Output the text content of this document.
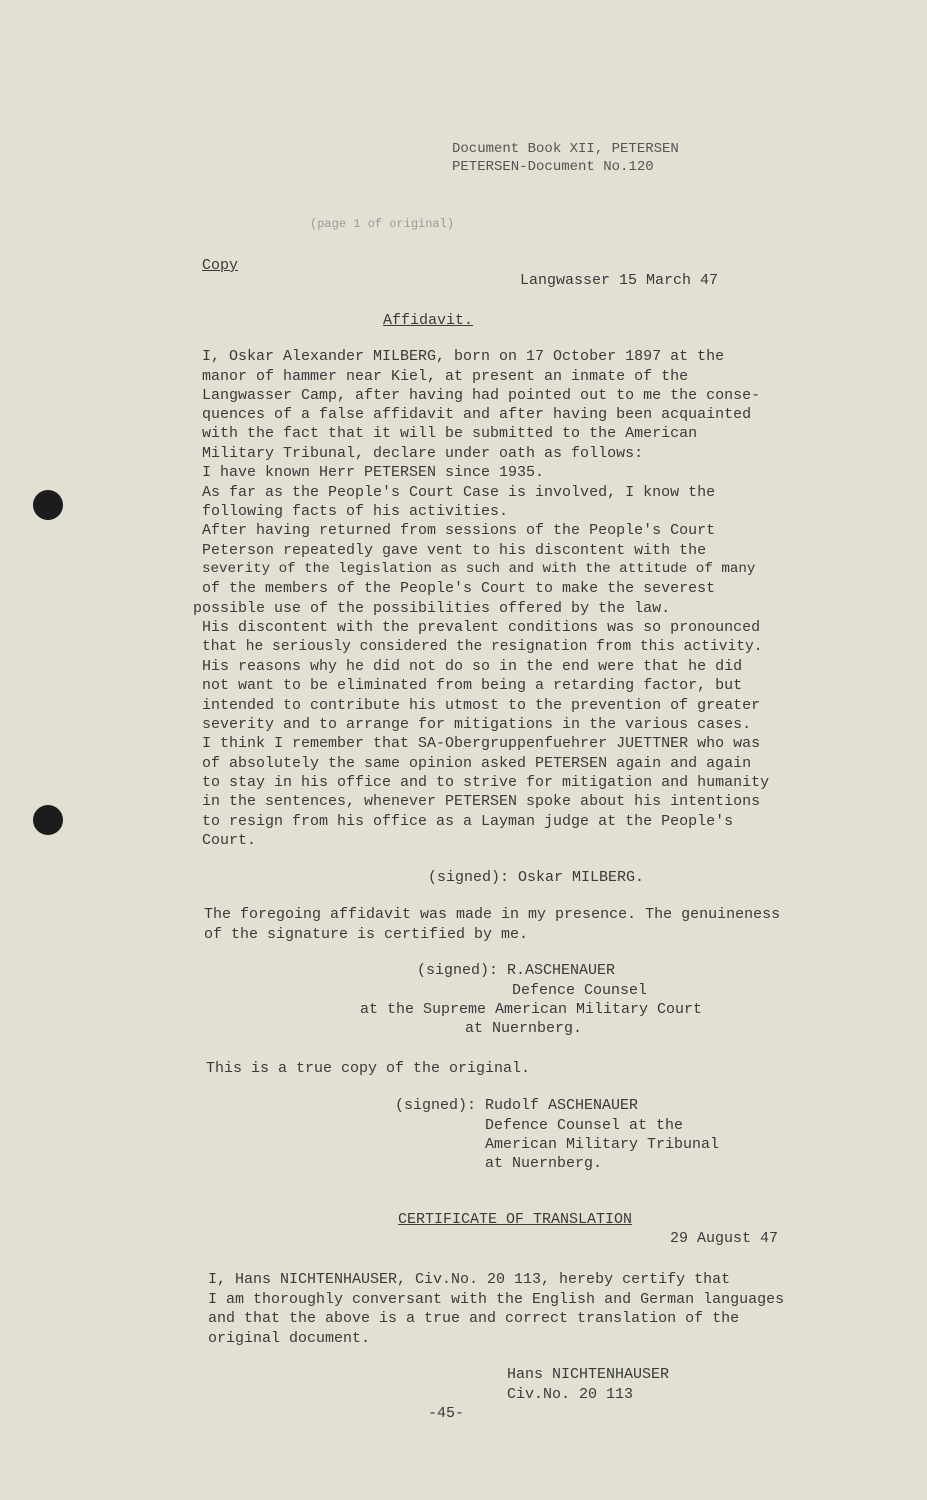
Document Book XII, PETERSEN
PETERSEN-Document No.120
(page 1 of original)
Copy
Langwasser 15 March 47
Affidavit.
I, Oskar Alexander MILBERG, born on 17 October 1897 at the
manor of hammer near Kiel, at present an inmate of the
Langwasser Camp, after having had pointed out to me the conse-
quences of a false affidavit and after having been acquainted
with the fact that it will be submitted to the American
Military Tribunal, declare under oath as follows:
I have known Herr PETERSEN since 1935.
As far as the People's Court Case is involved, I know the
following facts of his activities.
After having returned from sessions of the People's Court
Peterson repeatedly gave vent to his discontent with the
severity of the legislation as such and with the attitude of many
of the members of the People's Court to make the severest
possible use of the possibilities offered by the law.
His discontent with the prevalent conditions was so pronounced
that he seriously considered the resignation from this activity.
His reasons why he did not do so in the end were that he did
not want to be eliminated from being a retarding factor, but
intended to contribute his utmost to the prevention of greater
severity and to arrange for mitigations in the various cases.
I think I remember that SA-Obergruppenfuehrer JUETTNER who was
of absolutely the same opinion asked PETERSEN again and again
to stay in his office and to strive for mitigation and humanity
in the sentences, whenever PETERSEN spoke about his intentions
to resign from his office as a Layman judge at the People's
Court.
(signed): Oskar MILBERG.
The foregoing affidavit was made in my presence. The genuineness
of the signature is certified by me.
(signed): R.ASCHENAUER
Defence Counsel
at the Supreme American Military Court
at Nuernberg.
This is a true copy of the original.
(signed): Rudolf ASCHENAUER
Defence Counsel at the
American Military Tribunal
at Nuernberg.
CERTIFICATE OF TRANSLATION
29 August 47
I, Hans NICHTENHAUSER, Civ.No. 20 113, hereby certify that
I am thoroughly conversant with the English and German languages
and that the above is a true and correct translation of the
original document.
Hans NICHTENHAUSER
Civ.No. 20 113
-45-
